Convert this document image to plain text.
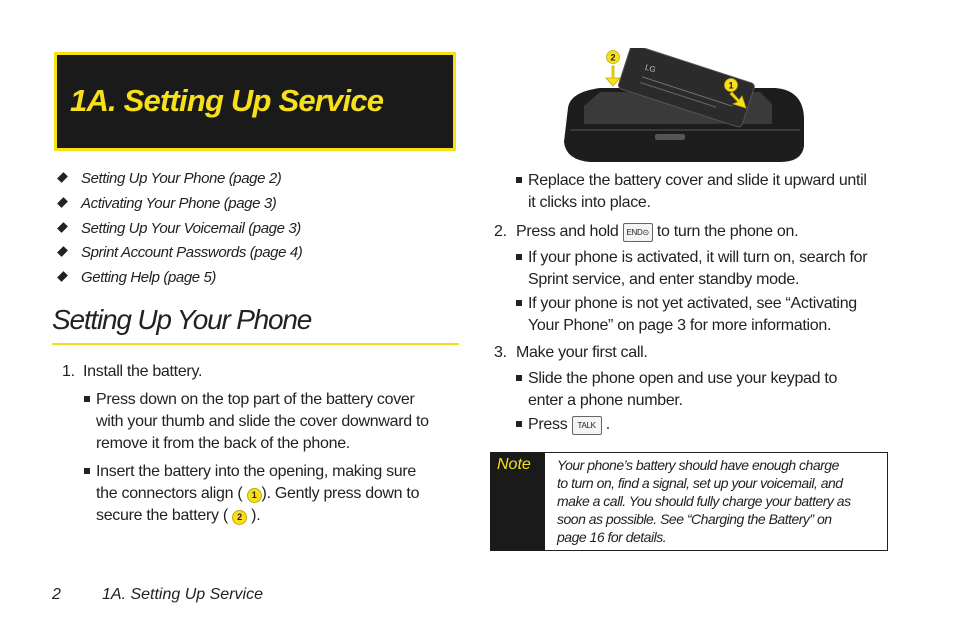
1A. Setting Up Service
Setting Up Your Phone (page 2)
Activating Your Phone (page 3)
Setting Up Your Voicemail (page 3)
Sprint Account Passwords (page 4)
Getting Help (page 5)
Setting Up Your Phone
1. Install the battery.
Press down on the top part of the battery cover
with your thumb and slide the cover downward to
remove it from the back of the phone.
Insert the battery into the opening, making sure
the connectors align ( 1 ). Gently press down to
secure the battery ( 2 ).
LG
2
1
Replace the battery cover and slide it upward until
it clicks into place.
2. Press and hold END⊙ to turn the phone on.
If your phone is activated, it will turn on, search for
Sprint service, and enter standby mode.
If your phone is not yet activated, see “Activating
Your Phone” on page 3 for more information.
3. Make your first call.
Slide the phone open and use your keypad to
enter a phone number.
Press TALK .
Note Your phone’s battery should have enough charge
to turn on, find a signal, set up your voicemail, and
make a call. You should fully charge your battery as
soon as possible. See “Charging the Battery” on
page 16 for details.
2	1A. Setting Up Service
